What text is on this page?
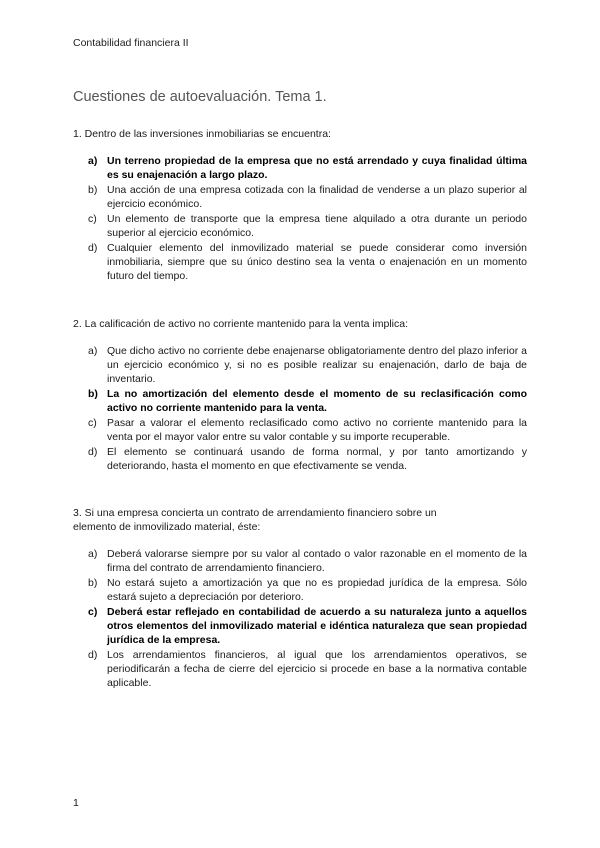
Contabilidad financiera II
Cuestiones de autoevaluación. Tema 1.

1. Dentro de las inversiones inmobiliarias se encuentra:

a) Un terreno propiedad de la empresa que no está arrendado y cuya finalidad última es su enajenación a largo plazo.
b) Una acción de una empresa cotizada con la finalidad de venderse a un plazo superior al ejercicio económico.
c) Un elemento de transporte que la empresa tiene alquilado a otra durante un periodo superior al ejercicio económico.
d) Cualquier elemento del inmovilizado material se puede considerar como inversión inmobiliaria, siempre que su único destino sea la venta o enajenación en un momento futuro del tiempo.

2. La calificación de activo no corriente mantenido para la venta implica:

a) Que dicho activo no corriente debe enajenarse obligatoriamente dentro del plazo inferior a un ejercicio económico y, si no es posible realizar su enajenación, darlo de baja de inventario.
b) La no amortización del elemento desde el momento de su reclasificación como activo no corriente mantenido para la venta.
c) Pasar a valorar el elemento reclasificado como activo no corriente mantenido para la venta por el mayor valor entre su valor contable y su importe recuperable.
d) El elemento se continuará usando de forma normal, y por tanto amortizando y deteriorando, hasta el momento en que efectivamente se venda.

3. Si una empresa concierta un contrato de arrendamiento financiero sobre un elemento de inmovilizado material, éste:

a) Deberá valorarse siempre por su valor al contado o valor razonable en el momento de la firma del contrato de arrendamiento financiero.
b) No estará sujeto a amortización ya que no es propiedad jurídica de la empresa. Sólo estará sujeto a depreciación por deterioro.
c) Deberá estar reflejado en contabilidad de acuerdo a su naturaleza junto a aquellos otros elementos del inmovilizado material e idéntica naturaleza que sean propiedad jurídica de la empresa.
d) Los arrendamientos financieros, al igual que los arrendamientos operativos, se periodificarán a fecha de cierre del ejercicio si procede en base a la normativa contable aplicable.
1
